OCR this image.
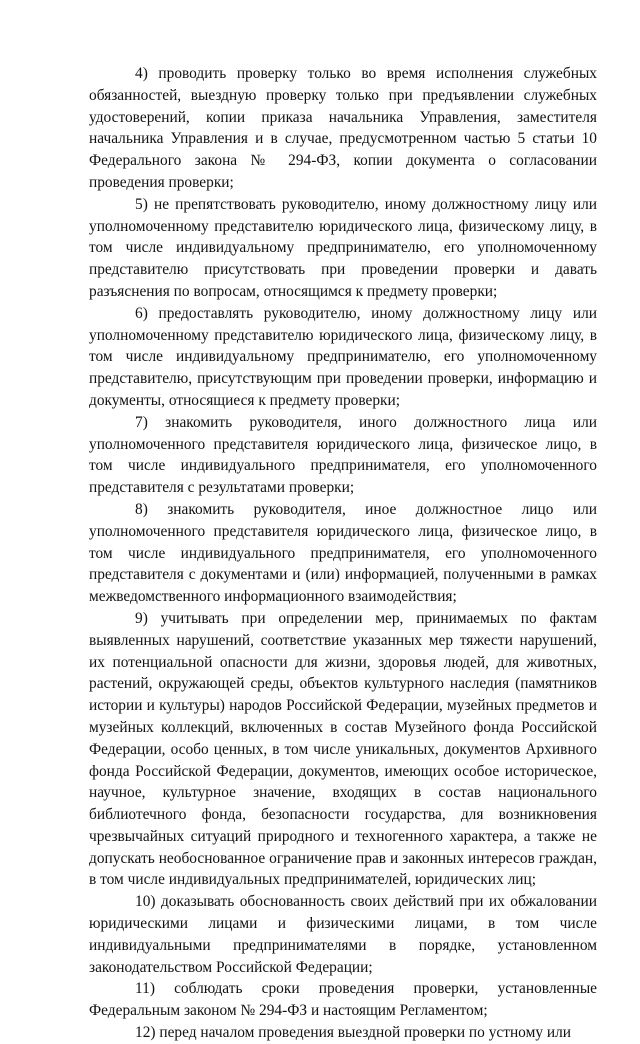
4) проводить проверку только во время исполнения служебных обязанностей, выездную проверку только при предъявлении служебных удостоверений, копии приказа начальника Управления, заместителя начальника Управления и в случае, предусмотренном частью 5 статьи 10 Федерального закона № 294-ФЗ, копии документа о согласовании проведения проверки;

5) не препятствовать руководителю, иному должностному лицу или уполномоченному представителю юридического лица, физическому лицу, в том числе индивидуальному предпринимателю, его уполномоченному представителю присутствовать при проведении проверки и давать разъяснения по вопросам, относящимся к предмету проверки;

6) предоставлять руководителю, иному должностному лицу или уполномоченному представителю юридического лица, физическому лицу, в том числе индивидуальному предпринимателю, его уполномоченному представителю, присутствующим при проведении проверки, информацию и документы, относящиеся к предмету проверки;

7) знакомить руководителя, иного должностного лица или уполномоченного представителя юридического лица, физическое лицо, в том числе индивидуального предпринимателя, его уполномоченного представителя с результатами проверки;

8) знакомить руководителя, иное должностное лицо или уполномоченного представителя юридического лица, физическое лицо, в том числе индивидуального предпринимателя, его уполномоченного представителя с документами и (или) информацией, полученными в рамках межведомственного информационного взаимодействия;

9) учитывать при определении мер, принимаемых по фактам выявленных нарушений, соответствие указанных мер тяжести нарушений, их потенциальной опасности для жизни, здоровья людей, для животных, растений, окружающей среды, объектов культурного наследия (памятников истории и культуры) народов Российской Федерации, музейных предметов и музейных коллекций, включенных в состав Музейного фонда Российской Федерации, особо ценных, в том числе уникальных, документов Архивного фонда Российской Федерации, документов, имеющих особое историческое, научное, культурное значение, входящих в состав национального библиотечного фонда, безопасности государства, для возникновения чрезвычайных ситуаций природного и техногенного характера, а также не допускать необоснованное ограничение прав и законных интересов граждан, в том числе индивидуальных предпринимателей, юридических лиц;

10) доказывать обоснованность своих действий при их обжаловании юридическими лицами и физическими лицами, в том числе индивидуальными предпринимателями в порядке, установленном законодательством Российской Федерации;

11) соблюдать сроки проведения проверки, установленные Федеральным законом № 294-ФЗ и настоящим Регламентом;

12) перед началом проведения выездной проверки по устному или
